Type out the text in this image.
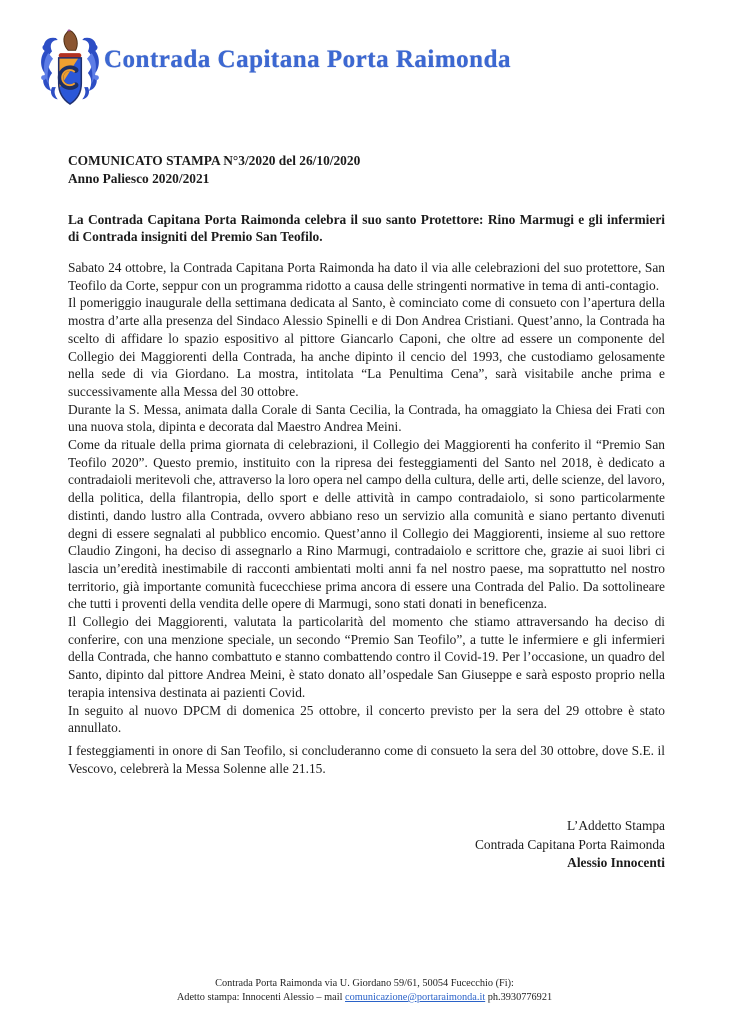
Contrada Capitana Porta Raimonda
COMUNICATO STAMPA N°3/2020 del 26/10/2020
Anno Paliesco 2020/2021
La Contrada Capitana Porta Raimonda celebra il suo santo Protettore: Rino Marmugi e gli infermieri di Contrada insigniti del Premio San Teofilo.

Sabato 24 ottobre, la Contrada Capitana Porta Raimonda ha dato il via alle celebrazioni del suo protettore, San Teofilo da Corte, seppur con un programma ridotto a causa delle stringenti normative in tema di anti-contagio.

Il pomeriggio inaugurale della settimana dedicata al Santo, è cominciato come di consueto con l’apertura della mostra d’arte alla presenza del Sindaco Alessio Spinelli e di Don Andrea Cristiani. Quest’anno, la Contrada ha scelto di affidare lo spazio espositivo al pittore Giancarlo Caponi, che oltre ad essere un componente del Collegio dei Maggiorenti della Contrada, ha anche dipinto il cencio del 1993, che custodiamo gelosamente nella sede di via Giordano. La mostra, intitolata “La Penultima Cena”, sarà visitabile anche prima e successivamente alla Messa del 30 ottobre.

Durante la S. Messa, animata dalla Corale di Santa Cecilia, la Contrada, ha omaggiato la Chiesa dei Frati con una nuova stola, dipinta e decorata dal Maestro Andrea Meini.

Come da rituale della prima giornata di celebrazioni, il Collegio dei Maggiorenti ha conferito il “Premio San Teofilo 2020”. Questo premio, instituito con la ripresa dei festeggiamenti del Santo nel 2018, è dedicato a contradaioli meritevoli che, attraverso la loro opera nel campo della cultura, delle arti, delle scienze, del lavoro, della politica, della filantropia, dello sport e delle attività in campo contradaiolo, si sono particolarmente distinti, dando lustro alla Contrada, ovvero abbiano reso un servizio alla comunità e siano pertanto divenuti degni di essere segnalati al pubblico encomio. Quest’anno il Collegio dei Maggiorenti, insieme al suo rettore Claudio Zingoni, ha deciso di assegnarlo a Rino Marmugi, contradaiolo e scrittore che, grazie ai suoi libri ci lascia un’eredità inestimabile di racconti ambientati molti anni fa nel nostro paese, ma soprattutto nel nostro territorio, già importante comunità fucecchiese prima ancora di essere una Contrada del Palio. Da sottolineare che tutti i proventi della vendita delle opere di Marmugi, sono stati donati in beneficenza.

Il Collegio dei Maggiorenti, valutata la particolarità del momento che stiamo attraversando ha deciso di conferire, con una menzione speciale, un secondo “Premio San Teofilo”, a tutte le infermiere e gli infermieri della Contrada, che hanno combattuto e stanno combattendo contro il Covid-19. Per l’occasione, un quadro del Santo, dipinto dal pittore Andrea Meini, è stato donato all’ospedale San Giuseppe e sarà esposto proprio nella terapia intensiva destinata ai pazienti Covid.

In seguito al nuovo DPCM di domenica 25 ottobre, il concerto previsto per la sera del 29 ottobre è stato annullato.

I festeggiamenti in onore di San Teofilo, si concluderanno come di consueto la sera del 30 ottobre, dove S.E. il Vescovo, celebrerà la Messa Solenne alle 21.15.

L’Addetto Stampa
Contrada Capitana Porta Raimonda
Alessio Innocenti
Contrada Porta Raimonda via U. Giordano 59/61, 50054 Fucecchio (Fi):
Adetto stampa: Innocenti Alessio – mail comunicazione@portaraimonda.it ph.3930776921
